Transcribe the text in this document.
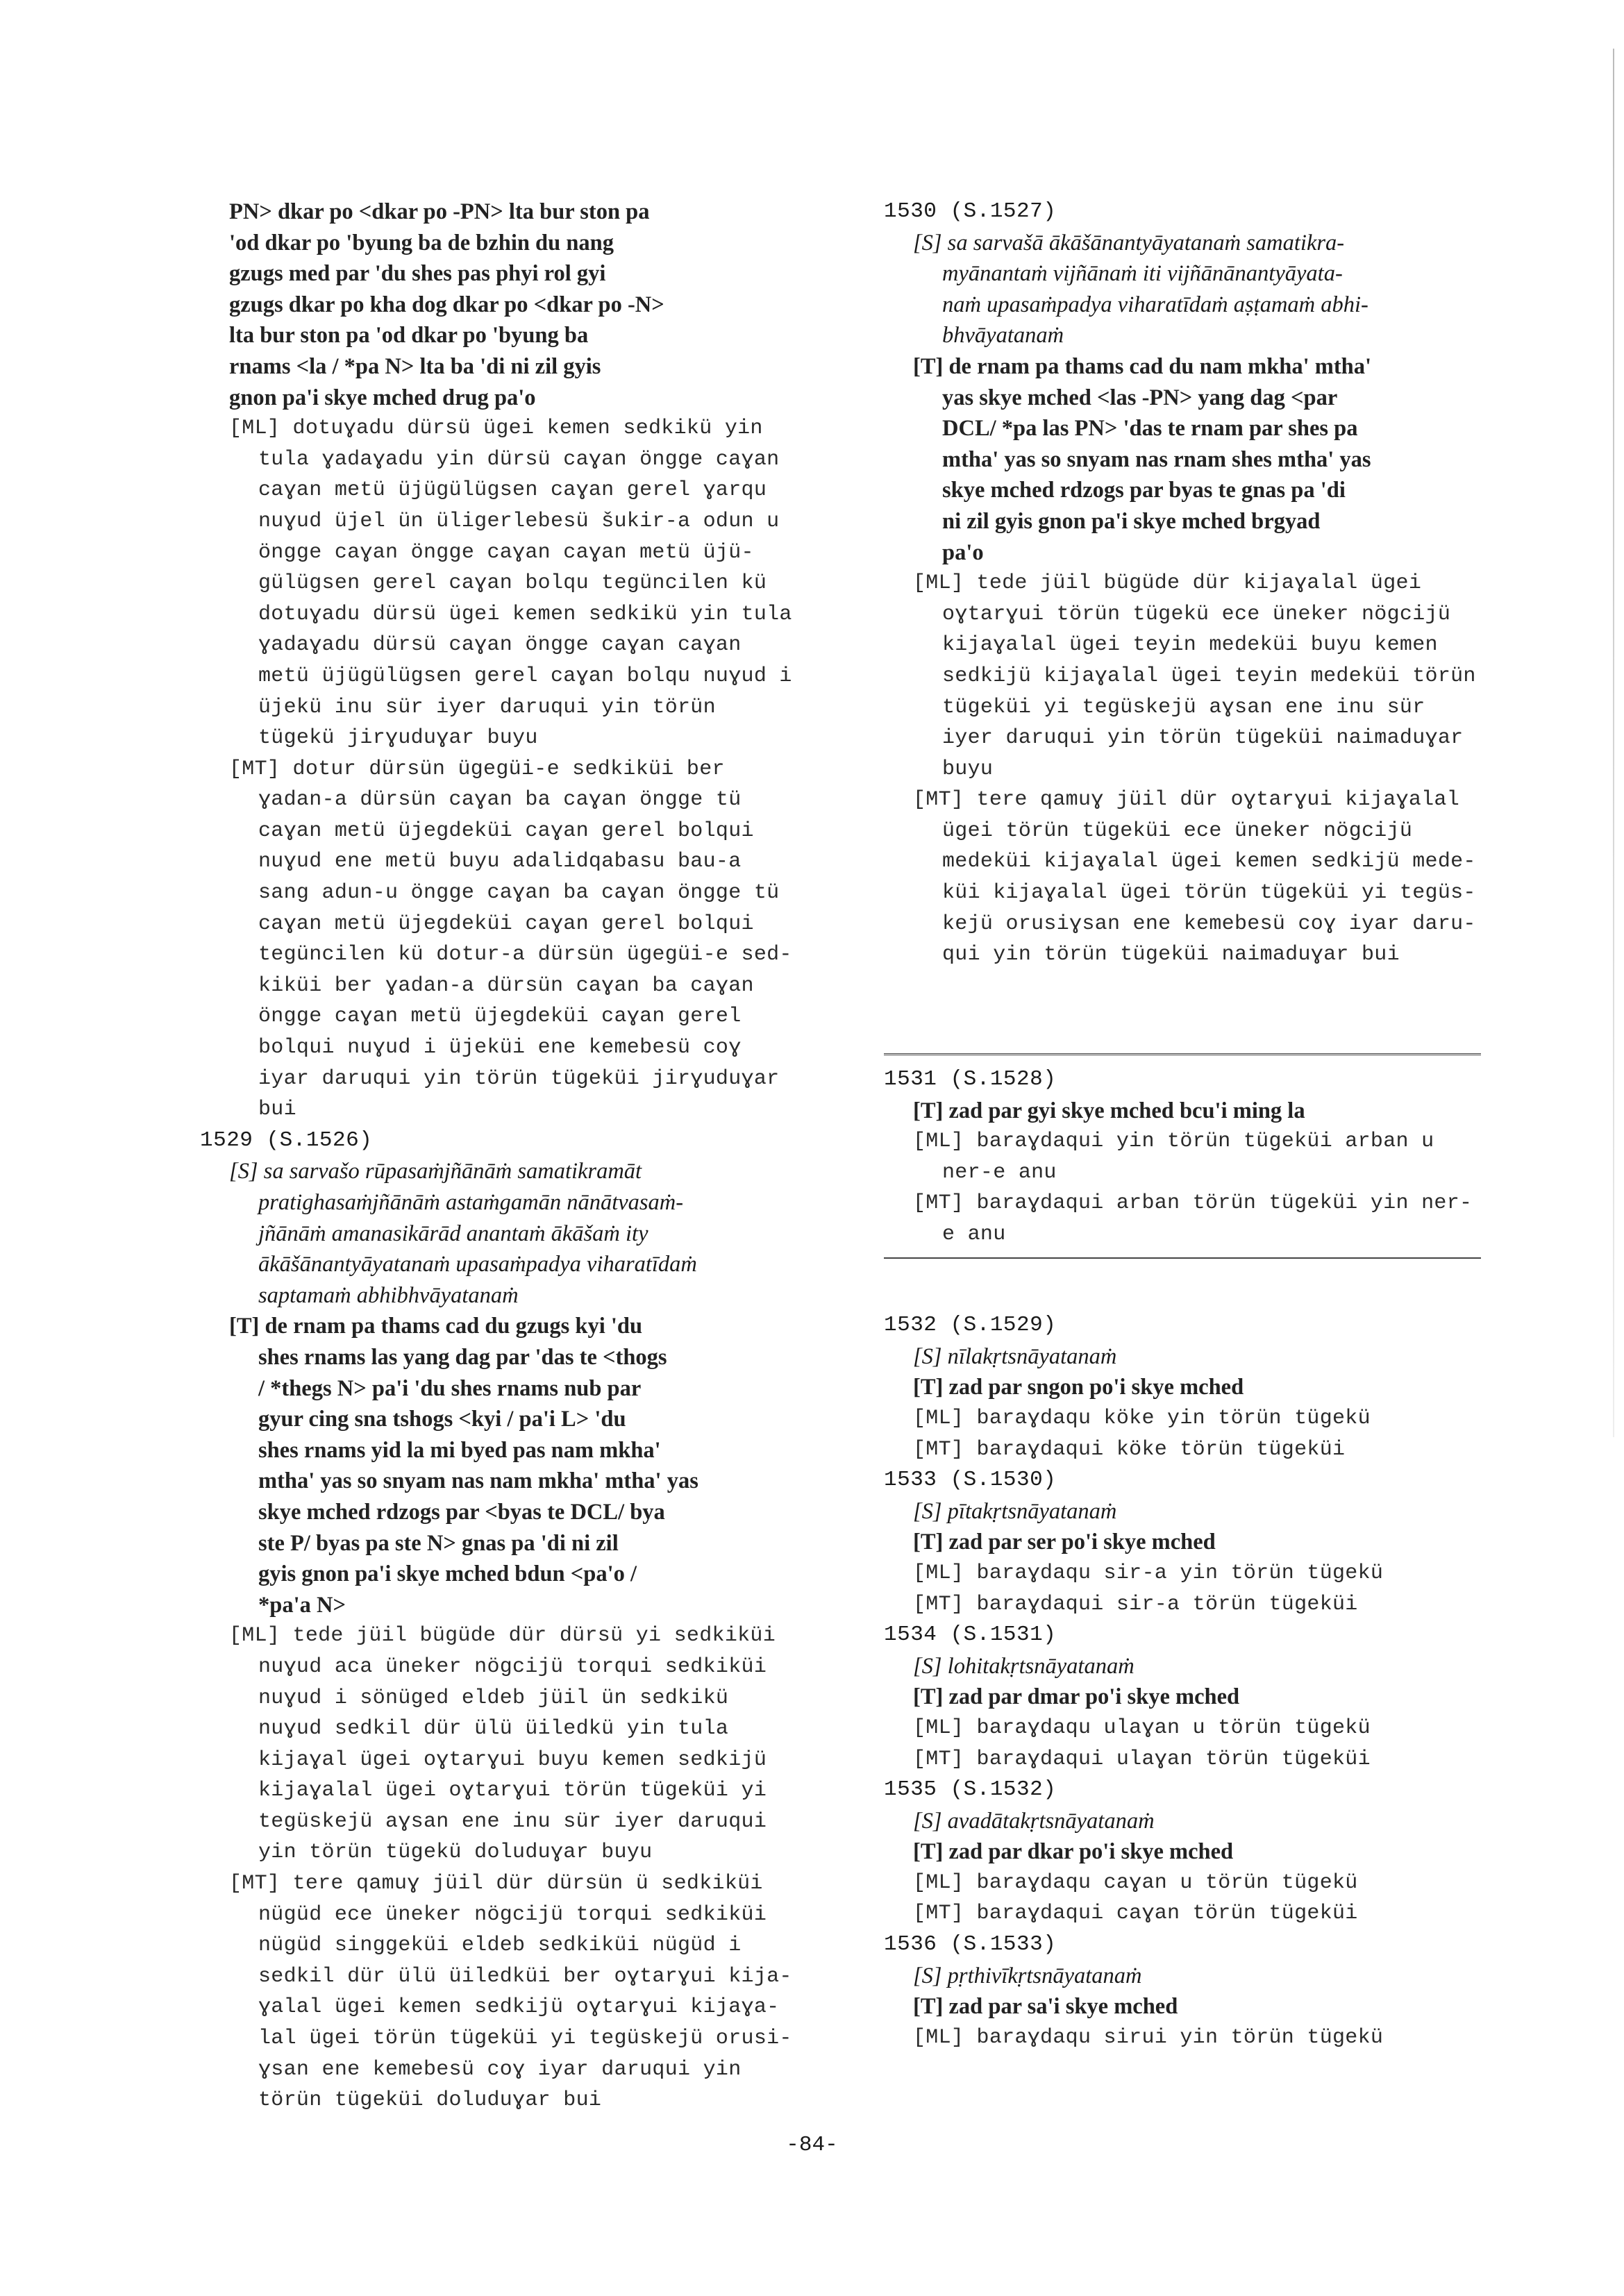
PN> dkar po <dkar po -PN> lta bur ston pa
'od dkar po 'byung ba de bzhin du nang
gzugs med par 'du shes pas phyi rol gyi
gzugs dkar po kha dog dkar po <dkar po -N>
lta bur ston pa 'od dkar po 'byung ba
rnams <la / *pa N> lta ba 'di ni zil gyis
gnon pa'i skye mched drug pa'o
[ML] dotuɣadu dürsü ügei kemen sedkikü yin
tula ɣadaɣadu yin dürsü caɣan öngge caɣan
caɣan metü üjügülügsen caɣan gerel ɣarqu
nuɣud üjel ün üligerlebesü šukir-a odun u
öngge caɣan öngge caɣan caɣan metü üjü-
gülügsen gerel caɣan bolqu tegüncilen kü
dotuɣadu dürsü ügei kemen sedkikü yin tula
ɣadaɣadu dürsü caɣan öngge caɣan caɣan
metü üjügülügsen gerel caɣan bolqu nuɣud i
üjekü inu sür iyer daruqui yin törün
tügekü jirɣuduɣar buyu
[MT] dotur dürsün ügegüi-e sedkiküi ber
ɣadan-a dürsün caɣan ba caɣan öngge tü
caɣan metü üjegdeküi caɣan gerel bolqui
nuɣud ene metü buyu adalidqabasu bau-a
sang adun-u öngge caɣan ba caɣan öngge tü
caɣan metü üjegdeküi caɣan gerel bolqui
tegüncilen kü dotur-a dürsün ügegüi-e sed-
kiküi ber ɣadan-a dürsün caɣan ba caɣan
öngge caɣan metü üjegdeküi caɣan gerel
bolqui nuɣud i üjeküi ene kemebesü coɣ
iyar daruqui yin törün tügeküi jirɣuduɣar
bui
1529 (S.1526)
[S] sa sarvašo rūpasaṁjñānāṁ samatikramāt
pratighasaṁjñānāṁ astaṁgamān nānātvasaṁ-
jñānāṁ amanasikārād anantaṁ ākāšaṁ ity
ākāšānantyāyatanaṁ upasaṁpadya viharatīdaṁ
saptamaṁ abhibhvāyatanaṁ
[T] de rnam pa thams cad du gzugs kyi 'du
shes rnams las yang dag par 'das te <thogs
/ *thegs N> pa'i 'du shes rnams nub par
gyur cing sna tshogs <kyi / pa'i L> 'du
shes rnams yid la mi byed pas nam mkha'
mtha' yas so snyam nas nam mkha' mtha' yas
skye mched rdzogs par <byas te DCL/ bya
ste P/ byas pa ste N> gnas pa 'di ni zil
gyis gnon pa'i skye mched bdun <pa'o /
*pa'a N>
[ML] tede jüil bügüde dür dürsü yi sedkiküi
nuɣud aca üneker nögcijü torqui sedkiküi
nuɣud i sönüged eldeb jüil ün sedkikü
nuɣud sedkil dür ülü üiledkü yin tula
kijaɣal ügei oɣtarɣui buyu kemen sedkijü
kijaɣalal ügei oɣtarɣui törün tügeküi yi
tegüskejü aɣsan ene inu sür iyer daruqui
yin törün tügekü doluduɣar buyu
[MT] tere qamuɣ jüil dür dürsün ü sedkiküi
nügüd ece üneker nögcijü torqui sedkiküi
nügüd singgeküi eldeb sedkiküi nügüd i
sedkil dür ülü üiledküi ber oɣtarɣui kija-
ɣalal ügei kemen sedkijü oɣtarɣui kijaɣa-
lal ügei törün tügeküi yi tegüskejü orusi-
ɣsan ene kemebesü coɣ iyar daruqui yin
törün tügeküi doluduɣar bui
1530 (S.1527)
[S] sa sarvašā ākāšānantyāyatanaṁ samatikra-
myānantaṁ vijñānaṁ iti vijñānānantyāyata-
naṁ upasaṁpadya viharatīdaṁ aṣṭamaṁ abhi-
bhvāyatanaṁ
[T] de rnam pa thams cad du nam mkha' mtha'
yas skye mched <las -PN> yang dag <par
DCL/ *pa las PN> 'das te rnam par shes pa
mtha' yas so snyam nas rnam shes mtha' yas
skye mched rdzogs par byas te gnas pa 'di
ni zil gyis gnon pa'i skye mched brgyad
pa'o
[ML] tede jüil bügüde dür kijaɣalal ügei
oɣtarɣui törün tügekü ece üneker nögcijü
kijaɣalal ügei teyin medeküi buyu kemen
sedkijü kijaɣalal ügei teyin medeküi törün
tügeküi yi tegüskejü aɣsan ene inu sür
iyer daruqui yin törün tügeküi naimaduɣar
buyu
[MT] tere qamuɣ jüil dür oɣtarɣui kijaɣalal
ügei törün tügeküi ece üneker nögcijü
medeküi kijaɣalal ügei kemen sedkijü mede-
küi kijaɣalal ügei törün tügeküi yi tegüs-
kejü orusiɣsan ene kemebesü coɣ iyar daru-
qui yin törün tügeküi naimaduɣar bui
1531 (S.1528)
[T] zad par gyi skye mched bcu'i ming la
[ML] baraɣdaqui yin törün tügeküi arban u
ner-e anu
[MT] baraɣdaqui arban törün tügeküi yin ner-
e anu
1532 (S.1529)
[S] nīlakṛtsnāyatanaṁ
[T] zad par sngon po'i skye mched
[ML] baraɣdaqu köke yin törün tügekü
[MT] baraɣdaqui köke törün tügeküi
1533 (S.1530)
[S] pītakṛtsnāyatanaṁ
[T] zad par ser po'i skye mched
[ML] baraɣdaqu sir-a yin törün tügekü
[MT] baraɣdaqui sir-a törün tügeküi
1534 (S.1531)
[S] lohitakṛtsnāyatanaṁ
[T] zad par dmar po'i skye mched
[ML] baraɣdaqu ulaɣan u törün tügekü
[MT] baraɣdaqui ulaɣan törün tügeküi
1535 (S.1532)
[S] avadātakṛtsnāyatanaṁ
[T] zad par dkar po'i skye mched
[ML] baraɣdaqu caɣan u törün tügekü
[MT] baraɣdaqui caɣan törün tügeküi
1536 (S.1533)
[S] pṛthivīkṛtsnāyatanaṁ
[T] zad par sa'i skye mched
[ML] baraɣdaqu sirui yin törün tügekü
-84-
